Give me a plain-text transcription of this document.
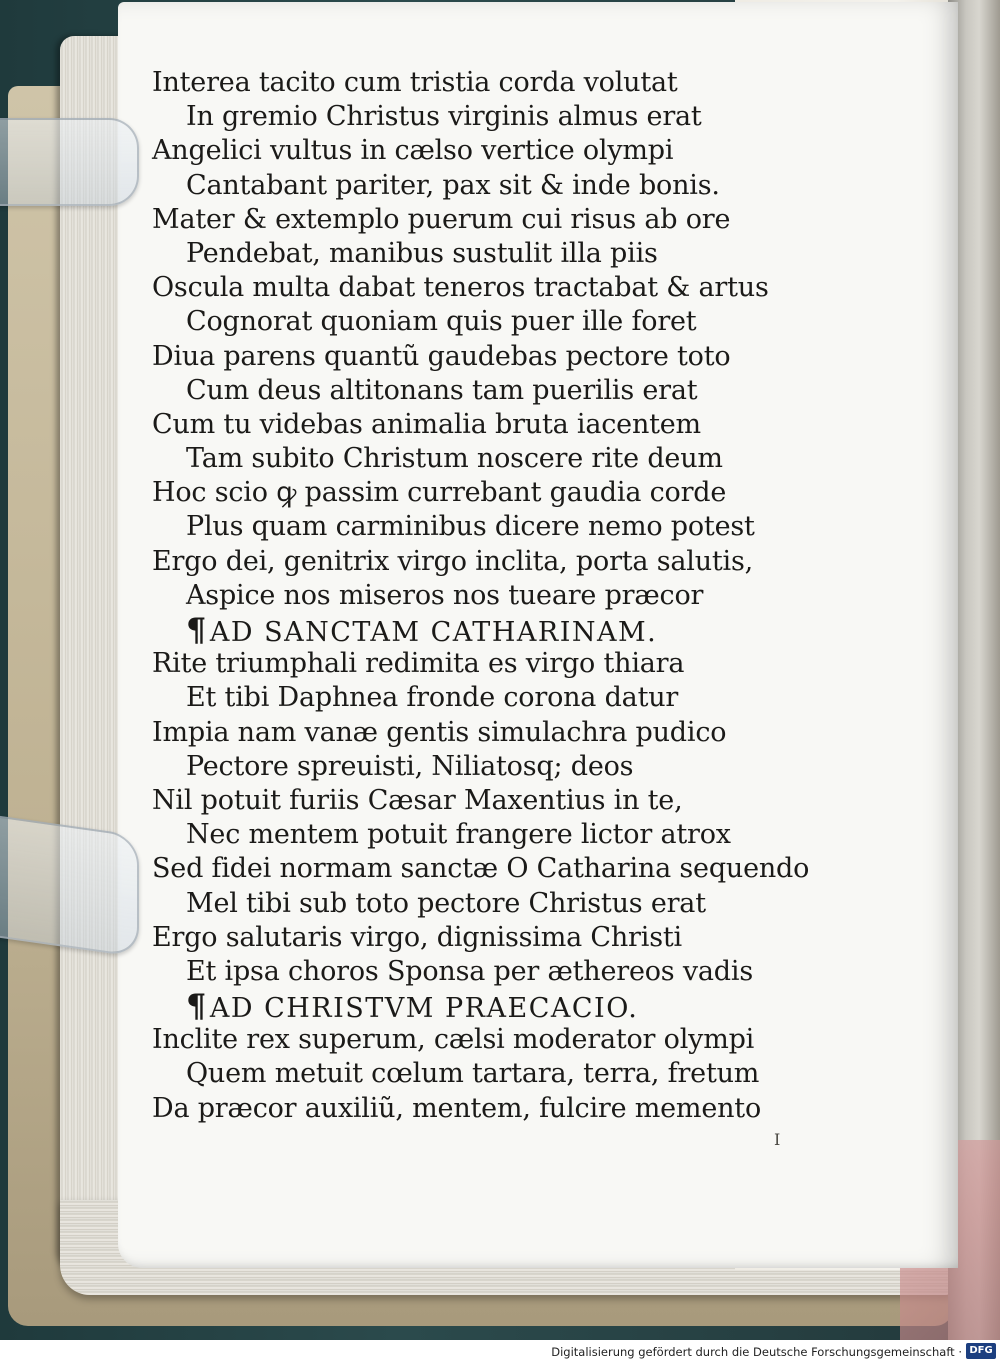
Interea tacito cum tristia corda volutat
In gremio Christus virginis almus erat
Angelici vultus in cælso vertice olympi
Cantabant pariter, pax sit & inde bonis.
Mater & extemplo puerum cui risus ab ore
Pendebat, manibus sustulit illa piis
Oscula multa dabat teneros tractabat & artus
Cognorat quoniam quis puer ille foret
Diua parens quantũ gaudebas pectore toto
Cum deus altitonans tam puerilis erat
Cum tu videbas animalia bruta iacentem
Tam subito Christum noscere rite deum
Hoc scio ꝙ passim currebant gaudia corde
Plus quam carminibus dicere nemo potest
Ergo dei, genitrix virgo inclita, porta salutis,
Aspice nos miseros nos tueare præcor
¶AD SANCTAM CATHARINAM.
Rite triumphali redimita es virgo thiara
Et tibi Daphnea fronde corona datur
Impia nam vanæ gentis simulachra pudico
Pectore spreuisti, Niliatosq; deos
Nil potuit furiis Cæsar Maxentius in te,
Nec mentem potuit frangere lictor atrox
Sed fidei normam sanctæ O Catharina sequendo
Mel tibi sub toto pectore Christus erat
Ergo salutaris virgo, dignissima Christi
Et ipsa choros Sponsa per æthereos vadis
¶AD CHRISTVM PRAECACIO.
Inclite rex superum, cælsi moderator olympi
Quem metuit cœlum tartara, terra, fretum
Da præcor auxiliũ, mentem, fulcire memento
I
Digitalisierung gefördert durch die Deutsche Forschungsgemeinschaft · DFG
